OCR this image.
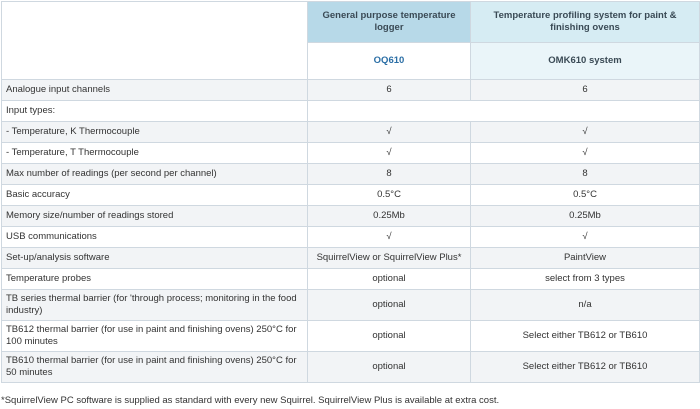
	General purpose temperature logger	Temperature profiling system for paint & finishing ovens
	OQ610	OMK610 system
Analogue input channels	6	6
Input types:		
- Temperature, K Thermocouple	√	√
- Temperature, T Thermocouple	√	√
Max number of readings (per second per channel)	8	8
Basic accuracy	0.5°C	0.5°C
Memory size/number of readings stored	0.25Mb	0.25Mb
USB communications	√	√
Set-up/analysis software	SquirrelView or SquirrelView Plus*	PaintView
Temperature probes	optional	select from 3 types
TB series thermal barrier (for 'through process; monitoring in the food industry)	optional	n/a
TB612 thermal barrier (for use in paint and finishing ovens) 250°C for 100 minutes	optional	Select either TB612 or TB610
TB610 thermal barrier (for use in paint and finishing ovens) 250°C for 50 minutes	optional	Select either TB612 or TB610
*SquirrelView PC software is supplied as standard with every new Squirrel. SquirrelView Plus is available at extra cost.
